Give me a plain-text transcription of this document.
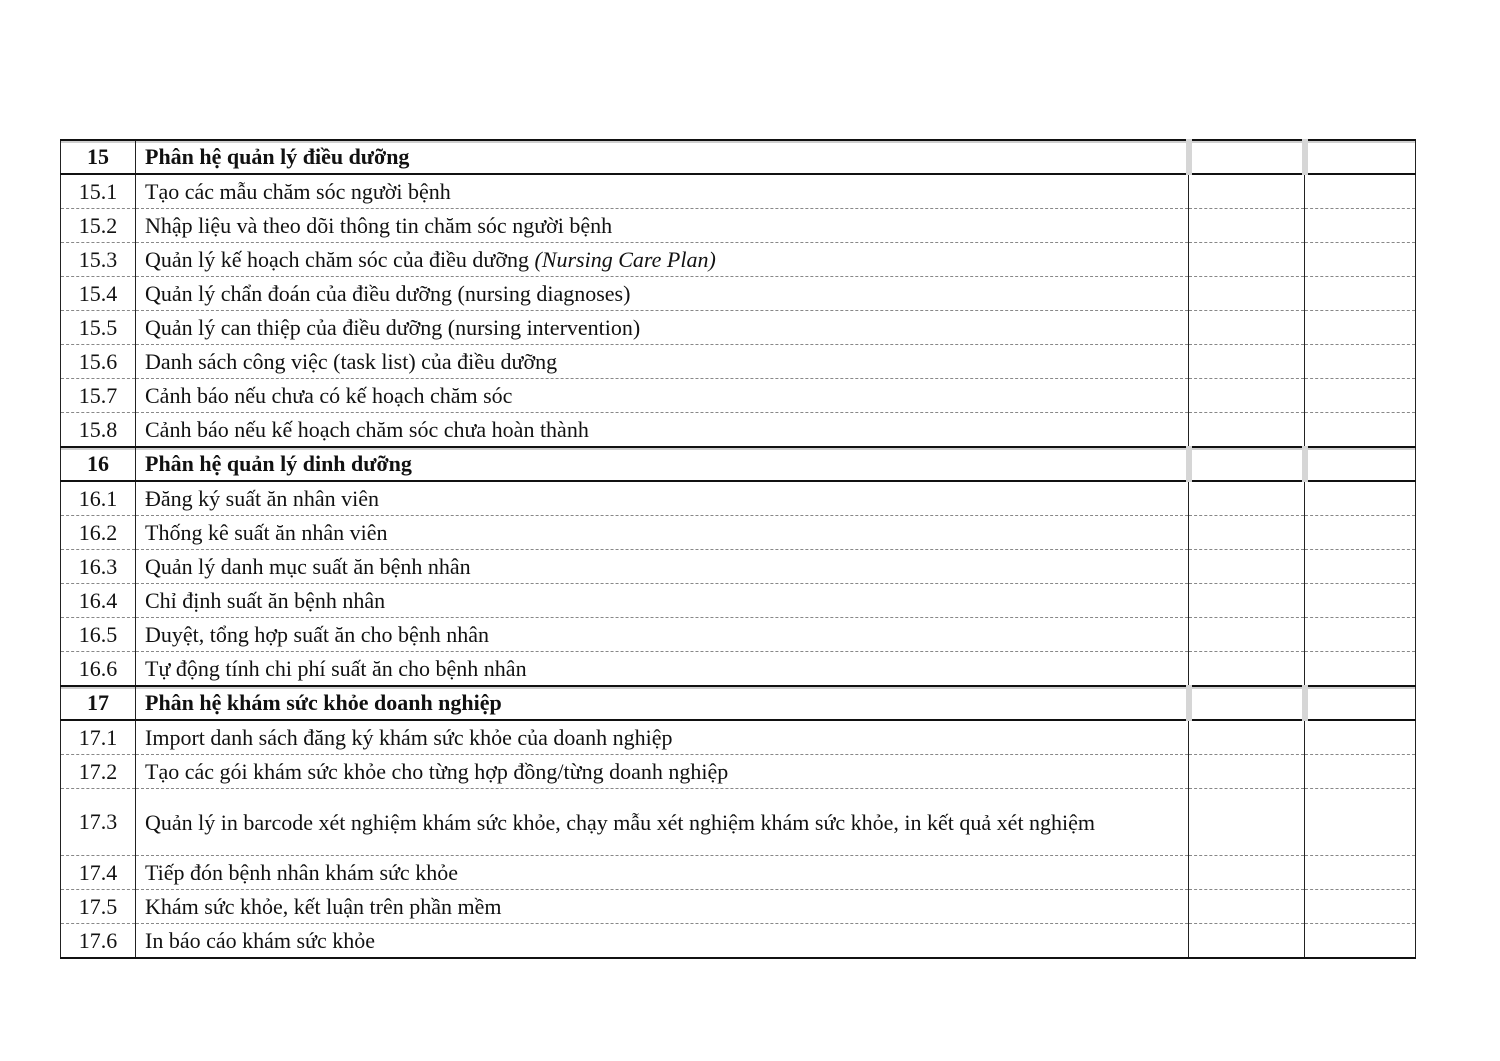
15	Phân hệ quản lý điều dưỡng		
15.1	Tạo các mẫu chăm sóc người bệnh		
15.2	Nhập liệu và theo dõi thông tin chăm sóc người bệnh		
15.3	Quản lý kế hoạch chăm sóc của điều dưỡng (Nursing Care Plan)		
15.4	Quản lý chẩn đoán của điều dưỡng (nursing diagnoses)		
15.5	Quản lý can thiệp của điều dưỡng (nursing intervention)		
15.6	Danh sách công việc (task list) của điều dưỡng		
15.7	Cảnh báo nếu chưa có kế hoạch chăm sóc		
15.8	Cảnh báo nếu kế hoạch chăm sóc chưa hoàn thành		
16	Phân hệ quản lý dinh dưỡng		
16.1	Đăng ký suất ăn nhân viên		
16.2	Thống kê suất ăn nhân viên		
16.3	Quản lý danh mục suất ăn bệnh nhân		
16.4	Chỉ định suất ăn bệnh nhân		
16.5	Duyệt, tổng hợp suất ăn cho bệnh nhân		
16.6	Tự động tính chi phí suất ăn cho bệnh nhân		
17	Phân hệ khám sức khỏe doanh nghiệp		
17.1	Import danh sách đăng ký khám sức khỏe của doanh nghiệp		
17.2	Tạo các gói khám sức khỏe cho từng hợp đồng/từng doanh nghiệp		
17.3	Quản lý in barcode xét nghiệm khám sức khỏe, chạy mẫu xét nghiệm khám sức khỏe, in kết quả xét nghiệm		
17.4	Tiếp đón bệnh nhân khám sức khỏe		
17.5	Khám sức khỏe, kết luận trên phần mềm		
17.6	In báo cáo khám sức khỏe		
